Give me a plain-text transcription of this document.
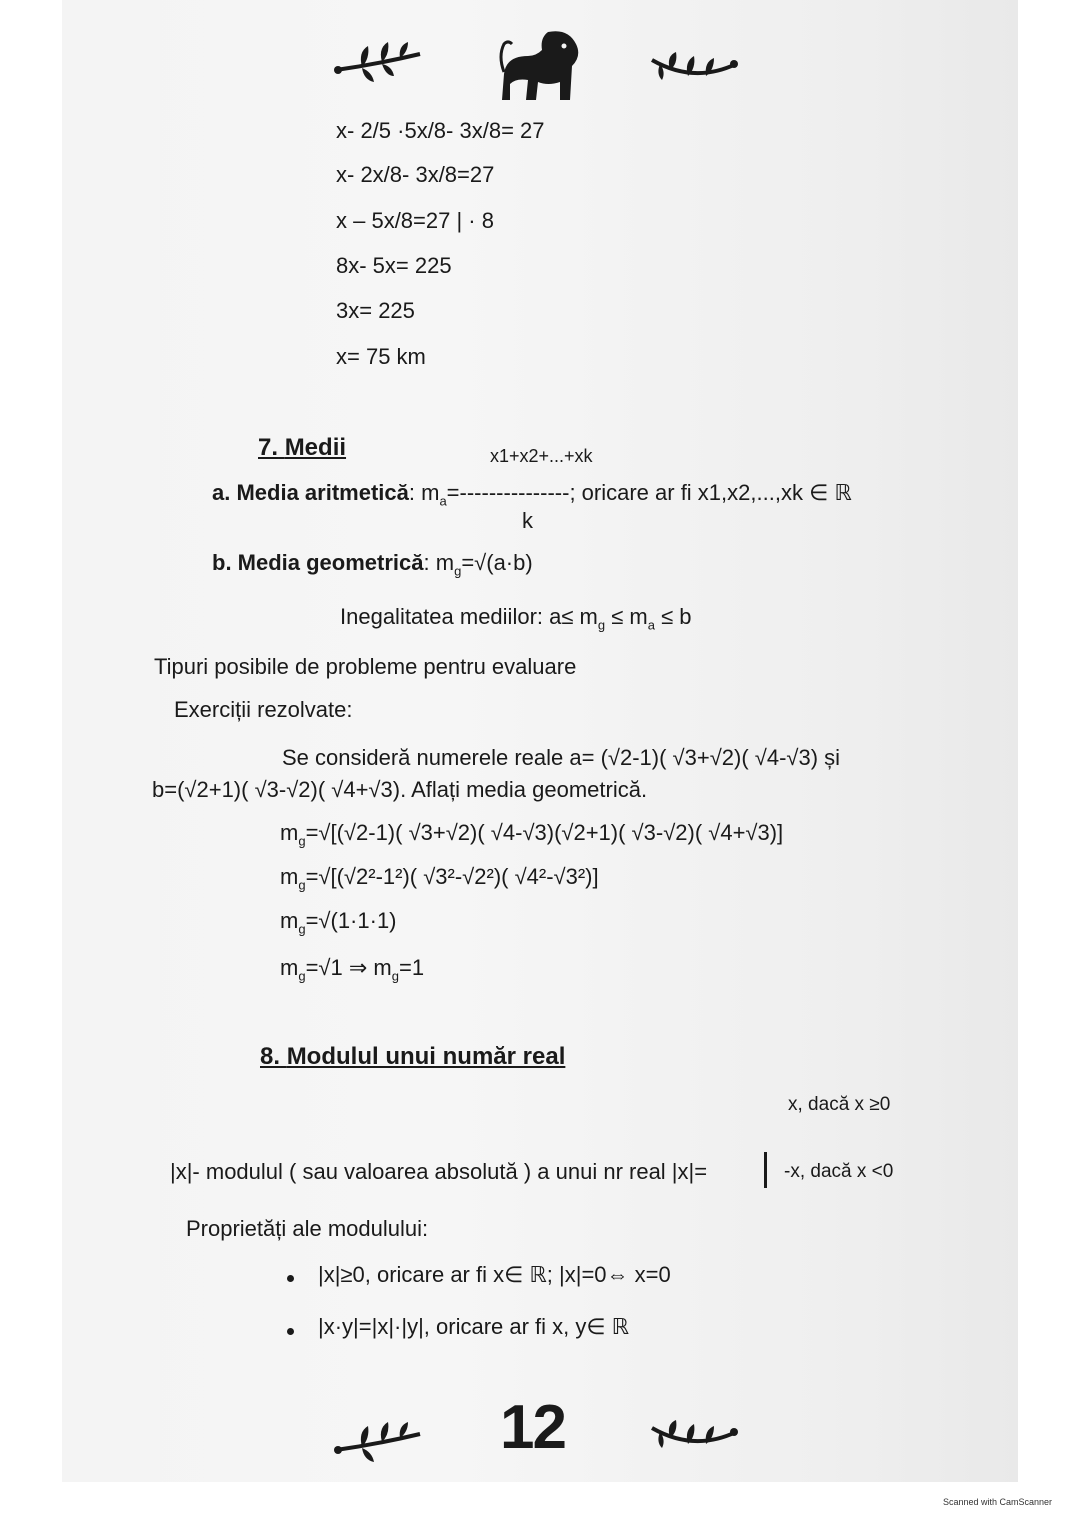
x- 2/5 ·5x/8- 3x/8= 27
x- 2x/8- 3x/8=27
x – 5x/8=27 | · 8
8x- 5x= 225
3x= 225
x= 75 km
7. Medii	x1+x2+...+xk
a. Media aritmetică: $m_a=---------------$; oricare ar fi x1,x2,...,xk ∈ ℝ
k
b. Media geometrică: $m_g=√(a\cdot b)$
Inegalitatea mediilor: $a\le m_g \le m_a \le b$
Tipuri posibile de probleme pentru evaluare
Exerciții rezolvate:
Se consideră numerele reale a= (√2-1)( √3+√2)( √4-√3) și
b=(√2+1)( √3-√2)( √4+√3). Aflați media geometrică.
$m_g=√[(√2-1)$( √3+√2)( √4-√3)(√2+1)( √3-√2)( √4+√3)]
$m_g=√[(√2^2-1^2)$( √3²-√2²)( √4²-√3²)]
$m_g=√(1\cdot 1\cdot 1)$
$m_g=√1$ ⇒ $m_g=1$
8. Modulul unui număr real
x, dacă x ≥0
|x|- modulul ( sau valoarea absolută ) a unui nr real |x|=	-x, dacă x <0
Proprietăți ale modulului:
|x|≥0, oricare ar fi x∈ ℝ; |x|=0⇔ x=0
|x·y|=|x|·|y|, oricare ar fi x, y∈ ℝ
12
Scanned with CamScanner
